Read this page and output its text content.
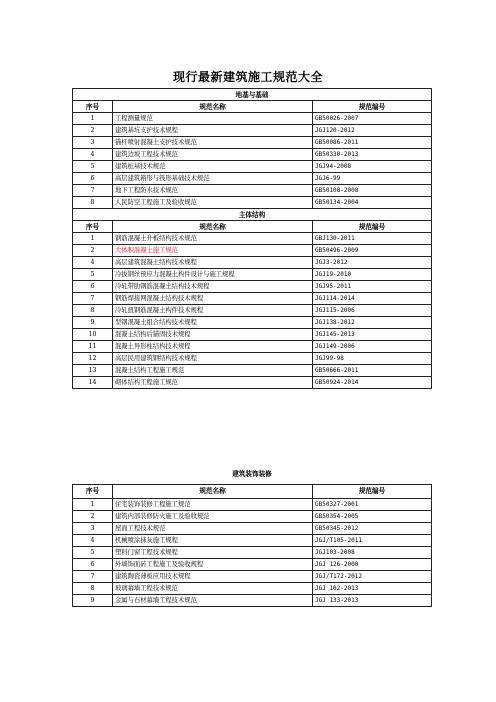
现行最新建筑施工规范大全
地基与基础		
序号	规范名称	规范编号
1	工程测量规范	GB50026-2007
2	建筑基坑支护技术规程	JGJ120-2012
3	锚杆喷射混凝土支护技术规范	GB50086-2011
4	建筑边坡工程技术规范	GB50330-2013
5	建筑桩基技术规范	JGJ94-2008
6	高层建筑箱形与筏形基础技术规范	JGJ6-99
7	地下工程防水技术规范	GB50108-2008
8	人民防空工程施工及验收规范	GB50134-2004
主体结构		
序号	规范名称	规范编号
1	钢筋混凝土升板结构技术规范	GBJ130-2011
2	大体积混凝土施工规范	GB50496-2009
4	高层建筑混凝土结构技术规程	JGJ3-2012
5	冷拔钢丝预应力混凝土构件设计与施工规程	JGJ19-2010
6	冷轧带肋钢筋混凝土结构技术规程	JGJ95-2011
7	钢筋焊接网混凝土结构技术规程	JGJ114-2014
8	冷轧扭钢筋混凝土构件技术规程	JGJ115-2006
9	型钢混凝土组合结构技术规程	JGJ138-2012
10	混凝土结构后锚固技术规程	JGJ145-2013
11	混凝土异形柱结构技术规程	JGJ149-2006
12	高层民用建筑钢结构技术规程	JGJ99-98
13	混凝土结构工程施工规范	GB50666-2011
14	砌体结构工程施工规范	GB50924-2014
建筑装饰装修		
序号	规范名称	规范编号
1	住宅装饰装修工程施工规范	GB50327-2001
2	建筑内部装修防火施工及验收规范	GB50354-2005
3	屋面工程技术规范	GB50345-2012
4	机械喷涂抹灰施工规程	JGJ/T105-2011
5	塑料门窗工程技术规程	JGJ103-2008
6	外墙饰面砖工程施工及验收规程	JGJ 126-2000
7	建筑陶瓷薄板应用技术规程	JGJ/T172-2012
8	玻璃幕墙工程技术规范	JGJ 102-2013
9	金属与石材幕墙工程技术规范	JGJ 133-2013
